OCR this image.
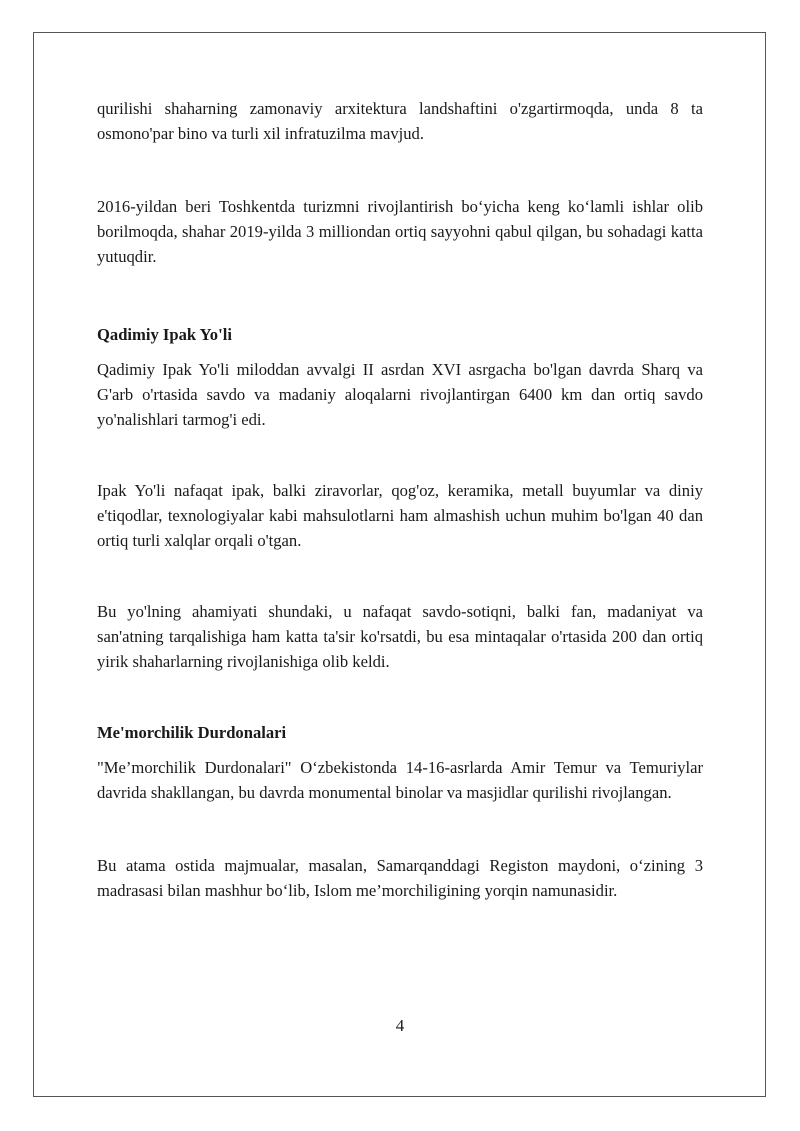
qurilishi shaharning zamonaviy arxitektura landshaftini o'zgartirmoqda, unda 8 ta osmono'par bino va turli xil infratuzilma mavjud.

2016-yildan beri Toshkentda turizmni rivojlantirish bo‘yicha keng ko‘lamli ishlar olib borilmoqda, shahar 2019-yilda 3 milliondan ortiq sayyohni qabul qilgan, bu sohadagi katta yutuqdir.

Qadimiy Ipak Yo'li

Qadimiy Ipak Yo'li miloddan avvalgi II asrdan XVI asrgacha bo'lgan davrda Sharq va G'arb o'rtasida savdo va madaniy aloqalarni rivojlantirgan 6400 km dan ortiq savdo yo'nalishlari tarmog'i edi.

Ipak Yo'li nafaqat ipak, balki ziravorlar, qog'oz, keramika, metall buyumlar va diniy e'tiqodlar, texnologiyalar kabi mahsulotlarni ham almashish uchun muhim bo'lgan 40 dan ortiq turli xalqlar orqali o'tgan.

Bu yo'lning ahamiyati shundaki, u nafaqat savdo-sotiqni, balki fan, madaniyat va san'atning tarqalishiga ham katta ta'sir ko'rsatdi, bu esa mintaqalar o'rtasida 200 dan ortiq yirik shaharlarning rivojlanishiga olib keldi.

Me'morchilik Durdonalari

"Me’morchilik Durdonalari" O‘zbekistonda 14-16-asrlarda Amir Temur va Temuriylar davrida shakllangan, bu davrda monumental binolar va masjidlar qurilishi rivojlangan.

Bu atama ostida majmualar, masalan, Samarqanddagi Registon maydoni, o‘zining 3 madrasasi bilan mashhur bo‘lib, Islom me’morchiligining yorqin namunasidir.

4
